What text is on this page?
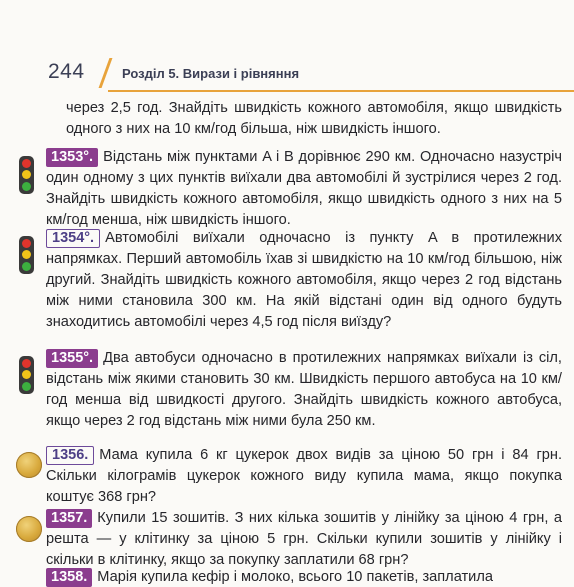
244	Розділ 5. Вирази і рівняння
через 2,5 год. Знайдіть швидкість кожного автомобіля, якщо швидкість одного з них на 10 км/год більша, ніж швидкість іншого.
1353°. Відстань між пунктами A і B дорівнює 290 км. Одночасно назустріч один одному з цих пунктів виїхали два автомобілі й зустрілися через 2 год. Знайдіть швидкість кожного автомобіля, якщо швидкість одного з них на 5 км/год менша, ніж швидкість іншого.
1354°. Автомобілі виїхали одночасно із пункту A в протилежних напрямках. Перший автомобіль їхав зі швидкістю на 10 км/год більшою, ніж другий. Знайдіть швидкість кожного автомобіля, якщо через 2 год відстань між ними становила 300 км. На якій відстані один від одного будуть знаходитись автомобілі через 4,5 год після виїзду?
1355°. Два автобуси одночасно в протилежних напрямках виїхали із сіл, відстань між якими становить 30 км. Швидкість першого автобуса на 10 км/год менша від швидкості другого. Знайдіть швидкість кожного автобуса, якщо через 2 год відстань між ними була 250 км.
1356. Мама купила 6 кг цукерок двох видів за ціною 50 грн і 84 грн. Скільки кілограмів цукерок кожного виду купила мама, якщо покупка коштує 368 грн?
1357. Купили 15 зошитів. З них кілька зошитів у лінійку за ціною 4 грн, а решта — у клітинку за ціною 5 грн. Скільки купили зошитів у лінійку і скільки в клітинку, якщо за покупку заплатили 68 грн?
1358. Марія купила кефір і молоко, всього 10 пакетів, заплатила
